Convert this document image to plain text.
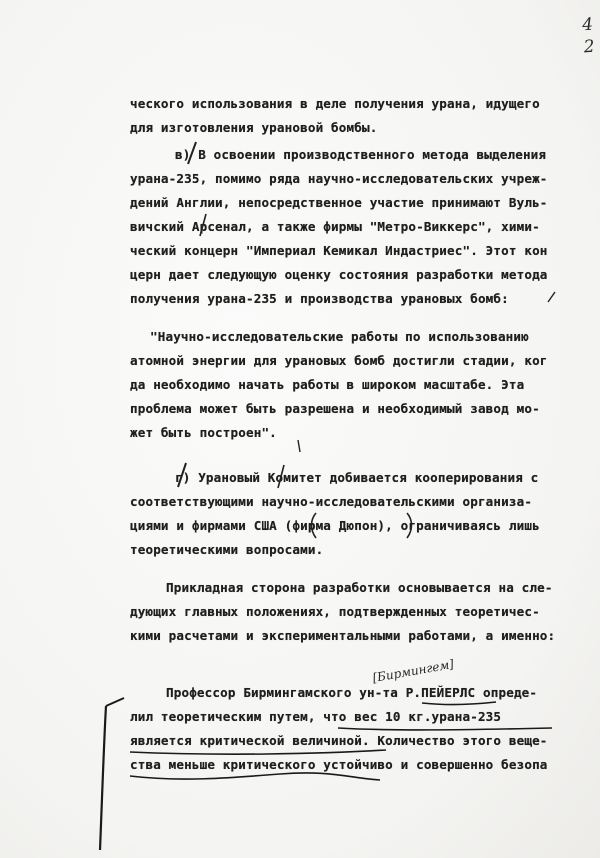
4
2
ческого использования в деле получения урана, идущего
для изготовления урановой бомбы.
в) В освоении производственного метода выделения
урана-235, помимо ряда научно-исследовательских учреж-
дений Англии, непосредственное участие принимают Вуль-
вичский Арсенал, а также фирмы "Метро-Виккерс", хими-
ческий концерн "Империал Кемикал Индастриес". Этот кон
церн дает следующую оценку состояния разработки метода
получения урана-235 и производства урановых бомб:
"Научно-исследовательские работы по использованию
атомной энергии для урановых бомб достигли стадии, ког
да необходимо начать работы в широком масштабе. Эта
проблема может быть разрешена и необходимый завод мо-
жет быть построен".
г) Урановый Комитет добивается кооперирования с
соответствующими научно-исследовательскими организа-
циями и фирмами США (фирма Дюпон), ограничиваясь лишь
теоретическими вопросами.
Прикладная сторона разработки основывается на сле-
дующих главных положениях, подтвержденных теоретичес-
кими расчетами и экспериментальными работами, а именно:
Профессор Бирмингамского ун-та Р.ПЕЙЕРЛС опреде-
лил теоретическим путем, что вес 10 кг.урана-235
является критической величиной. Количество этого веще-
ства меньше критического устойчиво и совершенно безопа
[Бирмингем]
